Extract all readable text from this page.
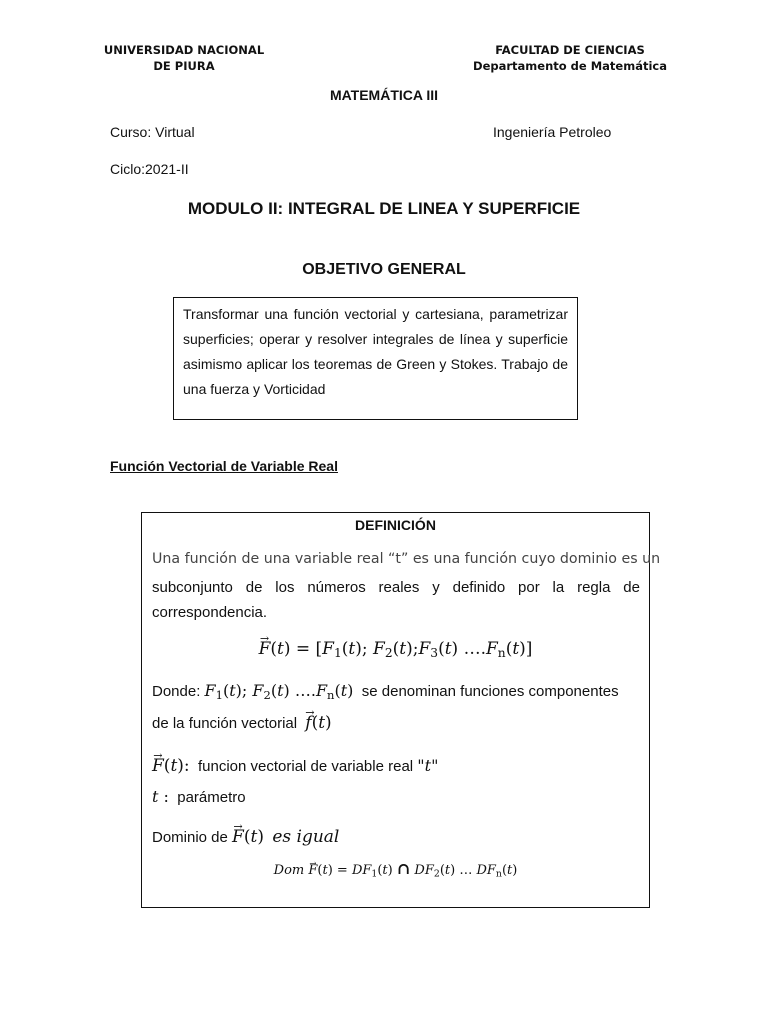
UNIVERSIDAD NACIONAL
DE PIURA
FACULTAD DE CIENCIAS
Departamento de Matemática
MATEMÁTICA III
Curso: Virtual	Ingeniería Petroleo
Ciclo:2021-II
MODULO II: INTEGRAL DE LINEA Y SUPERFICIE
OBJETIVO GENERAL
Transformar una función vectorial y cartesiana, parametrizar superficies; operar y resolver integrales de línea y superficie asimismo aplicar los teoremas de Green y Stokes. Trabajo de una fuerza y Vorticidad
Función Vectorial de Variable Real
DEFINICIÓN
Una función de una variable real “t” es una función cuyo dominio es un
subconjunto de los números reales y definido por la regla de correspondencia.
→ $F(t) = [F_1(t)$; $F_2(t);F_3(t)$ $\dots.F_n(t)$]
Donde: $F_1(t)$; $F_2(t)$ $\dots.F_n(t)$ se denominan funciones componentes
de la función vectorial → f(t)
→ F(t): funcion vectorial de variable real "t"
t : parámetro
Dominio de → F(t) es igual
Dom → $F(t) = DF_1(t)$ ∩ $DF_2(t)$ … $DF_n(t)$
